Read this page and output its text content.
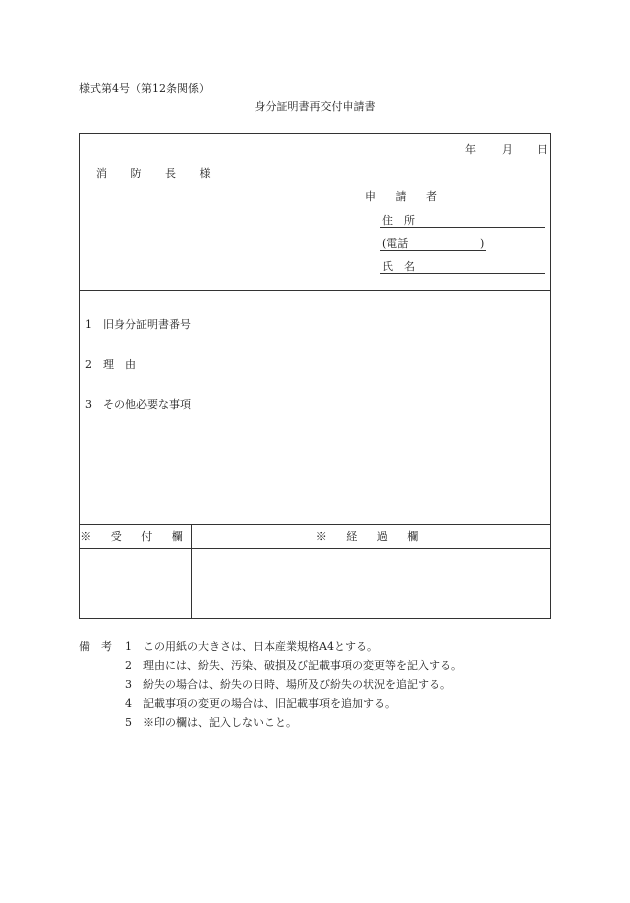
様式第4号（第12条関係）
身分証明書再交付申請書
年 月 日
消 防 長 様
申 請 者
住　所
(電話	)
氏　名
1　旧身分証明書番号
2　理　由
3　その他必要な事項
※ 受 付 欄	※ 経 過 欄
備　考 1　この用紙の大きさは、日本産業規格A4とする。
2　理由には、紛失、汚染、破損及び記載事項の変更等を記入する。
3　紛失の場合は、紛失の日時、場所及び紛失の状況を追記する。
4　記載事項の変更の場合は、旧記載事項を追加する。
5　※印の欄は、記入しないこと。
